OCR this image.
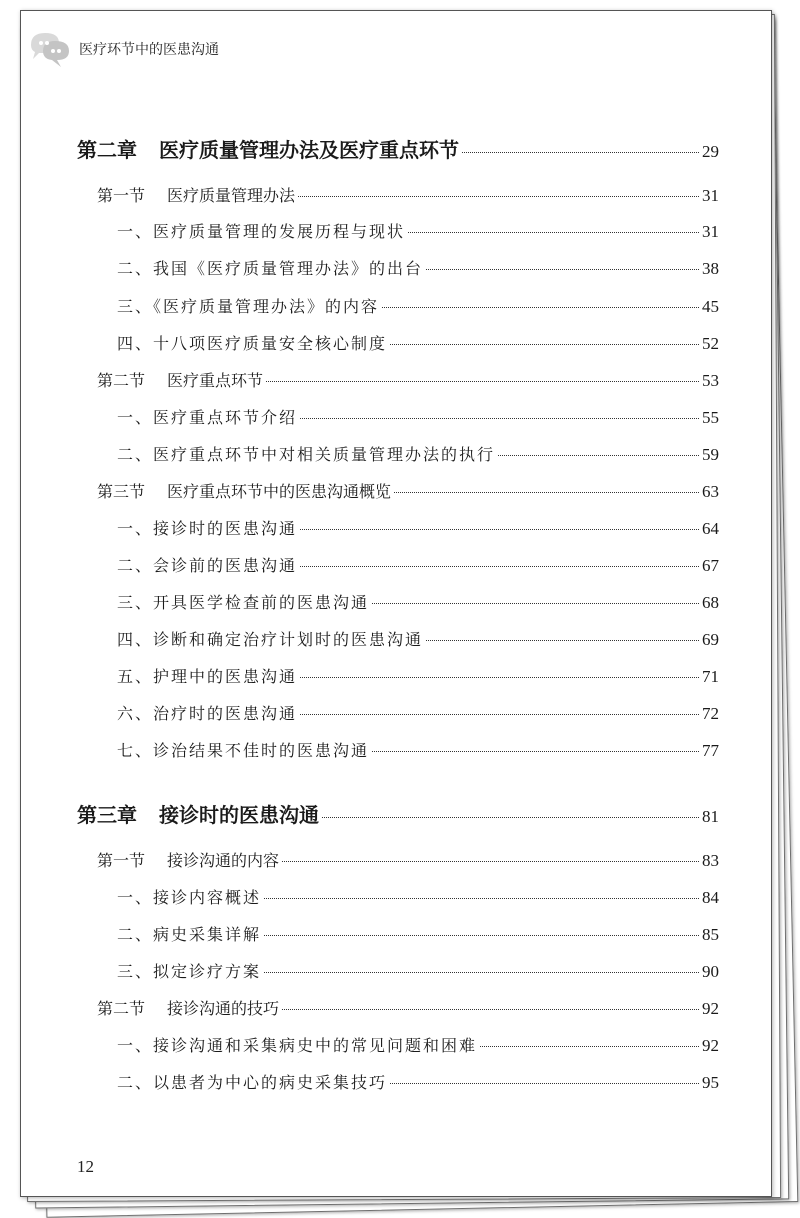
医疗环节中的医患沟通
第二章 医疗质量管理办法及医疗重点环节	29
第一节 医疗质量管理办法	31
一、医疗质量管理的发展历程与现状	31
二、我国《医疗质量管理办法》的出台	38
三、《医疗质量管理办法》的内容	45
四、十八项医疗质量安全核心制度	52
第二节 医疗重点环节	53
一、医疗重点环节介绍	55
二、医疗重点环节中对相关质量管理办法的执行	59
第三节 医疗重点环节中的医患沟通概览	63
一、接诊时的医患沟通	64
二、会诊前的医患沟通	67
三、开具医学检查前的医患沟通	68
四、诊断和确定治疗计划时的医患沟通	69
五、护理中的医患沟通	71
六、治疗时的医患沟通	72
七、诊治结果不佳时的医患沟通	77
第三章 接诊时的医患沟通	81
第一节 接诊沟通的内容	83
一、接诊内容概述	84
二、病史采集详解	85
三、拟定诊疗方案	90
第二节 接诊沟通的技巧	92
一、接诊沟通和采集病史中的常见问题和困难	92
二、以患者为中心的病史采集技巧	95
12
